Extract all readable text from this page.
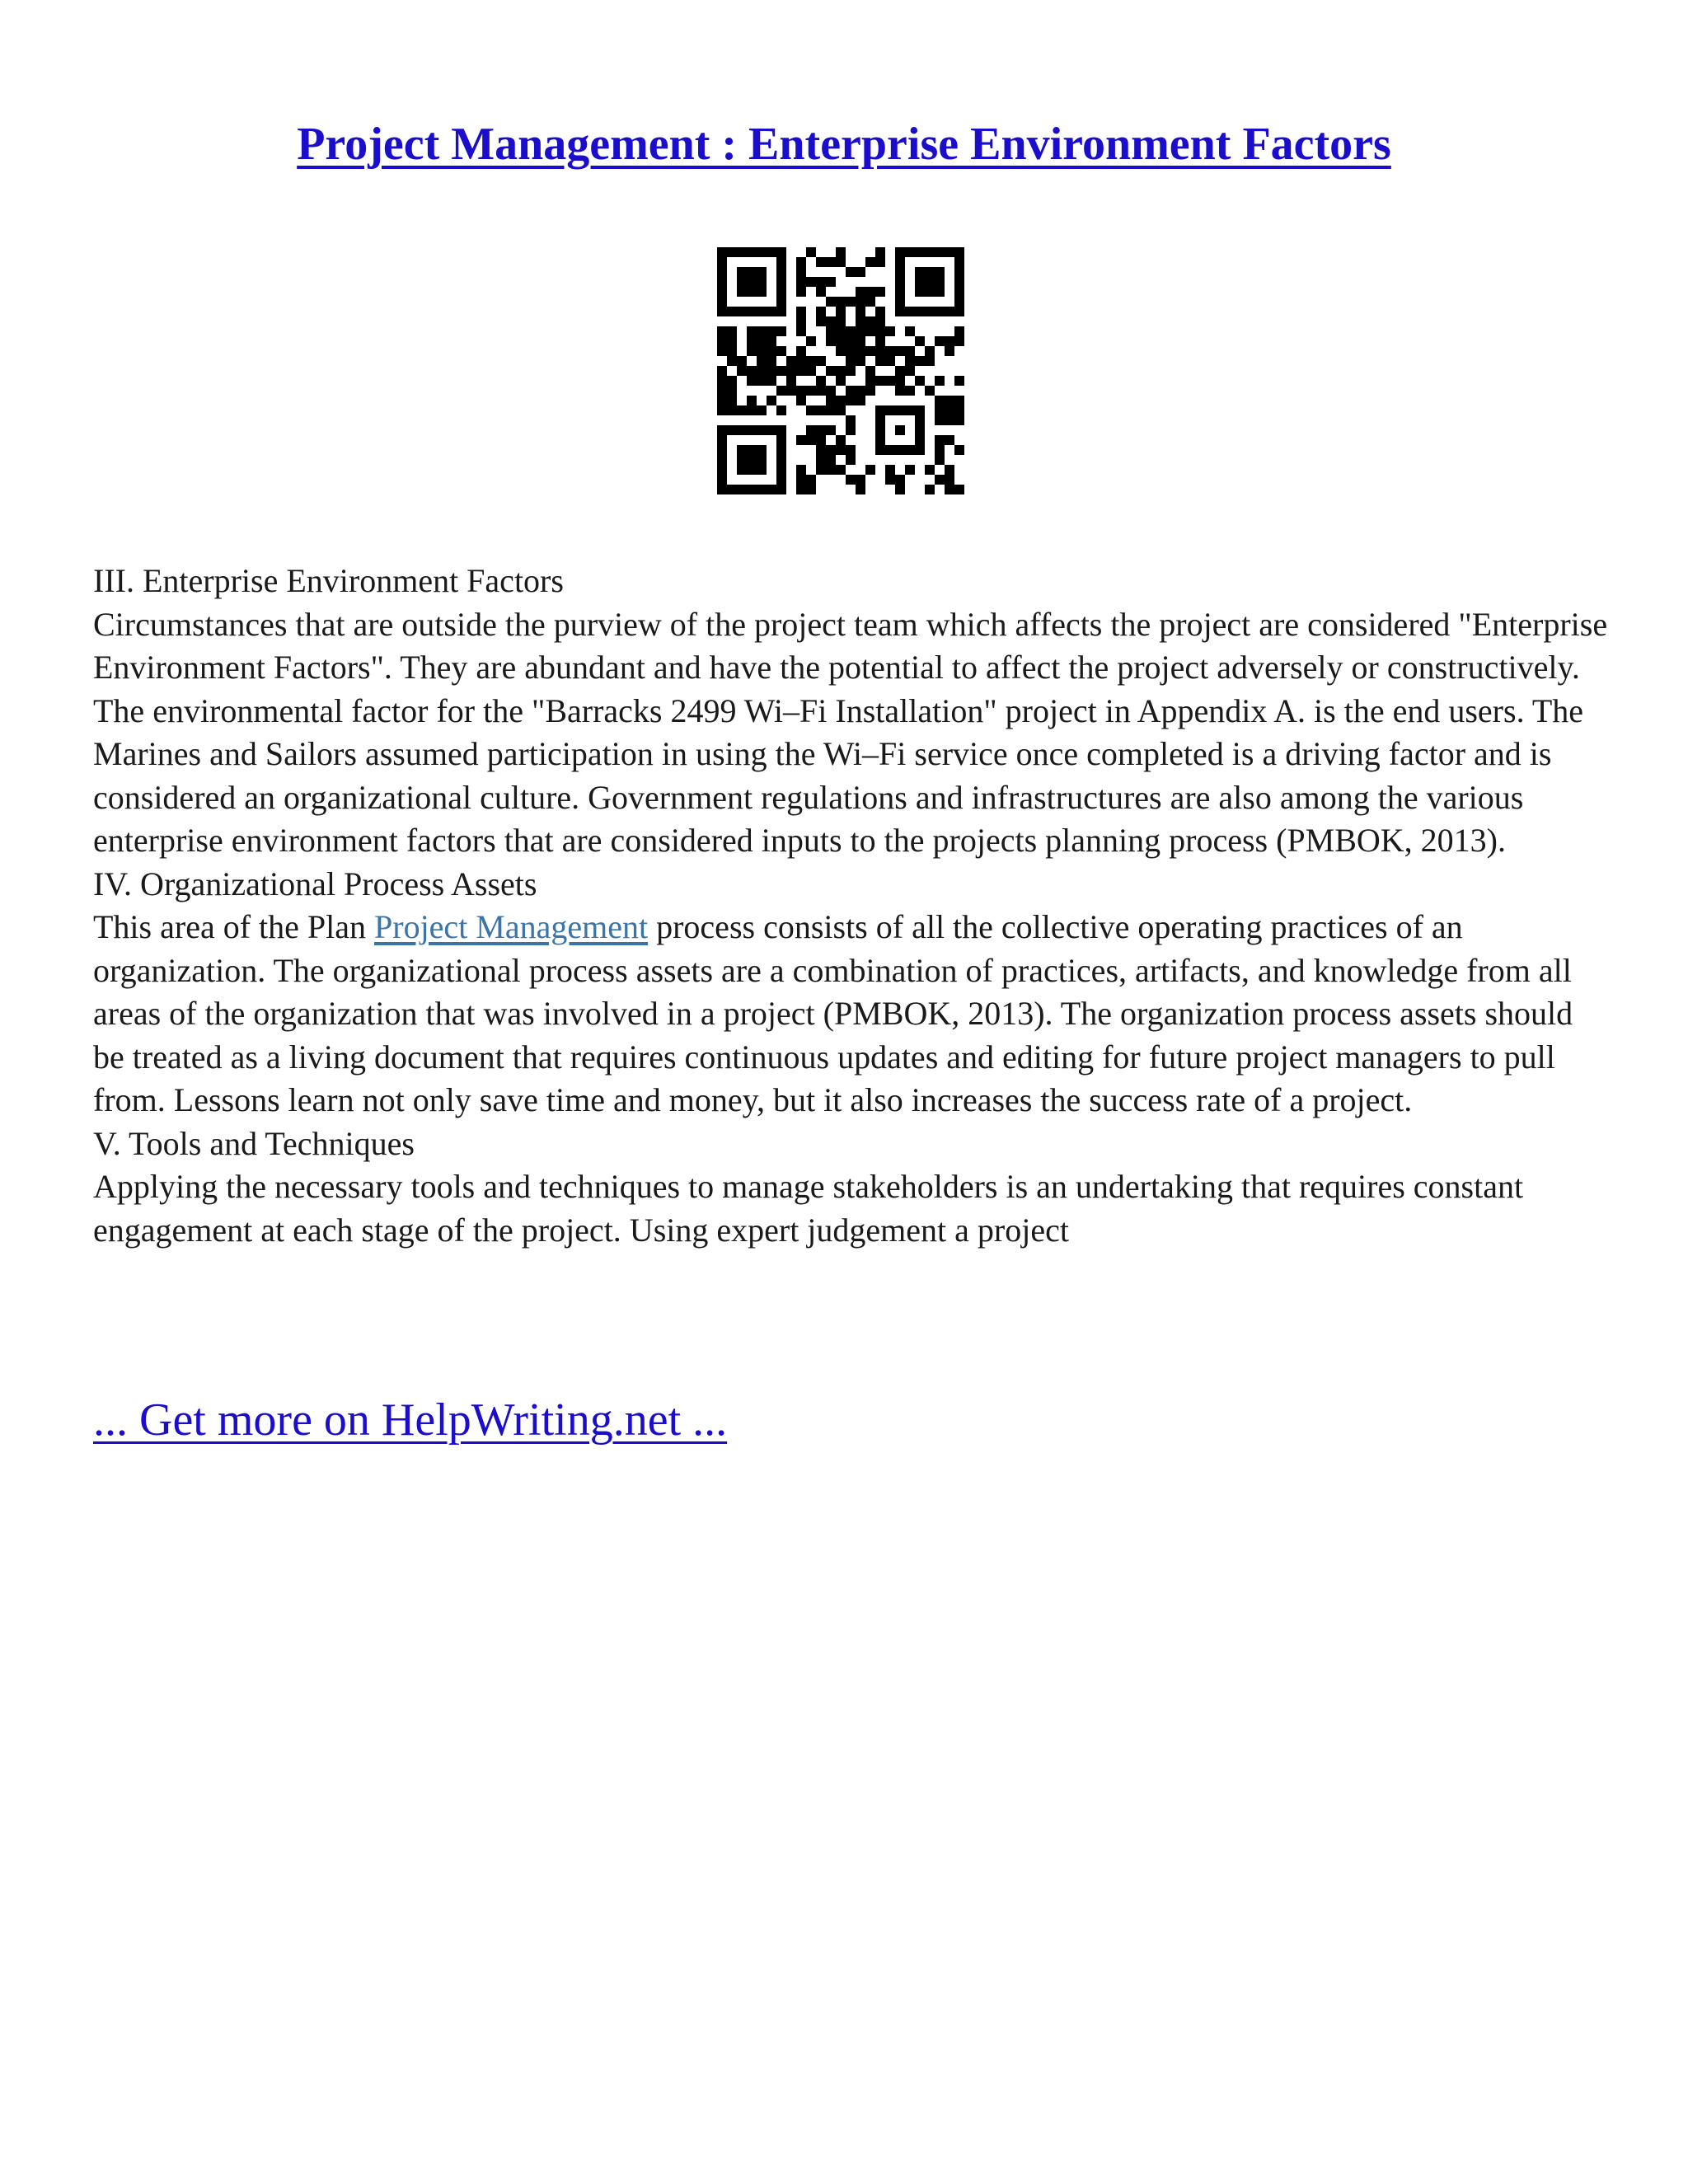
Project Management : Enterprise Environment Factors

III. Enterprise Environment Factors

Circumstances that are outside the purview of the project team which affects the project are considered "Enterprise Environment Factors". They are abundant and have the potential to affect the project adversely or constructively. The environmental factor for the "Barracks 2499 Wi–Fi Installation" project in Appendix A. is the end users. The Marines and Sailors assumed participation in using the Wi–Fi service once completed is a driving factor and is considered an organizational culture. Government regulations and infrastructures are also among the various enterprise environment factors that are considered inputs to the projects planning process (PMBOK, 2013).

IV. Organizational Process Assets

This area of the Plan Project Management process consists of all the collective operating practices of an organization. The organizational process assets are a combination of practices, artifacts, and knowledge from all areas of the organization that was involved in a project (PMBOK, 2013). The organization process assets should be treated as a living document that requires continuous updates and editing for future project managers to pull from. Lessons learn not only save time and money, but it also increases the success rate of a project.

V. Tools and Techniques

Applying the necessary tools and techniques to manage stakeholders is an undertaking that requires constant engagement at each stage of the project. Using expert judgement a project

... Get more on HelpWriting.net ...
